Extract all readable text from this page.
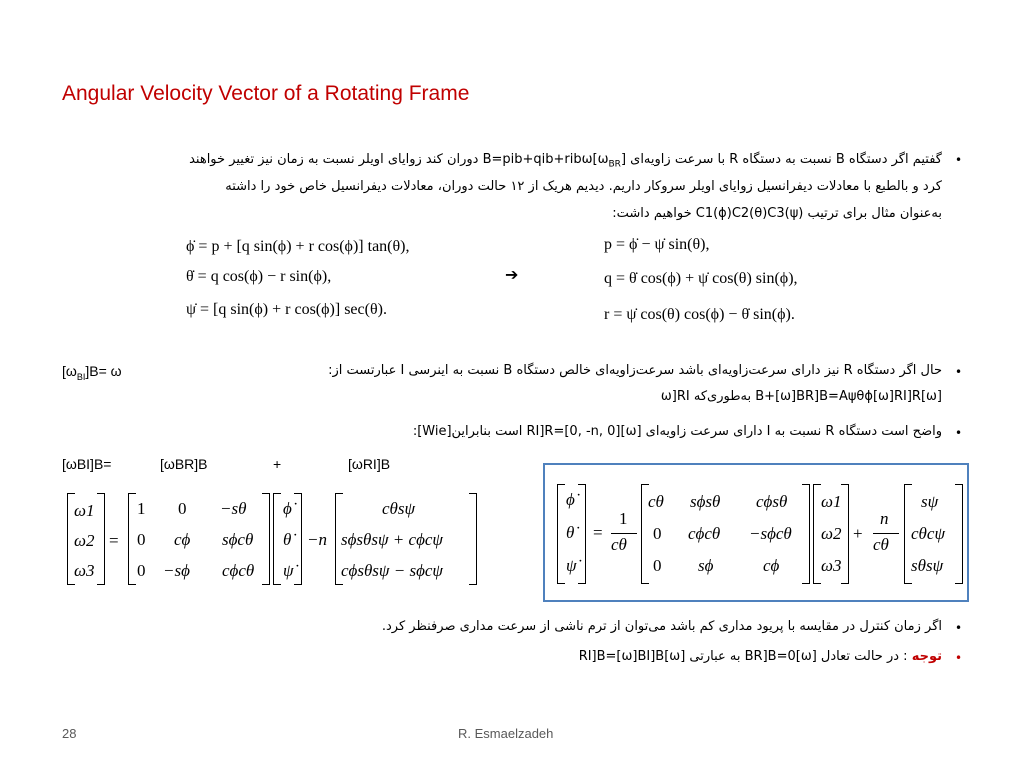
Angular Velocity Vector of a Rotating Frame
•
گفتیم اگر دستگاه B نسبت به دستگاه R با سرعت زاویه‌ای $[\omega_{BR}]B=pib+qib+rib\omega$ دوران کند زوایای اویلر نسبت به زمان نیز تغییر خواهند
کرد و بالطبع با معادلات دیفرانسیل زوایای اویلر سروکار داریم. دیدیم هریک از ۱۲ حالت دوران، معادلات دیفرانسیل خاص خود را داشته
به‌عنوان مثال برای ترتیب (ψ)C1(ϕ)C2(θ)C3 خواهیم داشت:
ϕ̇ = p + [q sin(ϕ) + r cos(ϕ)] tan(θ),
θ̇ = q cos(ϕ) − r sin(ϕ),
ψ̇ = [q sin(ϕ) + r cos(ϕ)] sec(θ).
➔
p = ϕ̇ − ψ̇ sin(θ),
q = θ̇ cos(ϕ) + ψ̇ cos(θ) sin(ϕ),
r = ψ̇ cos(θ) cos(ϕ) − θ̇ sin(ϕ).
•
حال اگر دستگاه R نیز دارای سرعت‌زاویه‌ای باشد سرعت‌زاویه‌ای خالص دستگاه B نسبت به اینرسی I عبارتست از:
$[\omega_{BI}]B= \omega$
[ω]B+[ω]BR]B=Aψθϕ[ω]RI]R به‌طوری‌که ω]RI
•
واضح است دستگاه R نسبت به I دارای سرعت زاویه‌ای [ω]RI]R=[0, -n, 0] است بنابراین[Wie]:
[ωBI]B=	[ωBR]B	+	[ωRI]B
ω1
ω2
ω3
=
1 0 −sθ
0 cϕ sϕcθ
0 −sϕ cϕcθ
ϕ̇
θ̇
ψ̇
−n
cθsψ
sϕsθsψ + cϕcψ
cϕsθsψ − sϕcψ
ϕ̇
θ̇
ψ̇
=
1
cθ
cθ sϕsθ cϕsθ
0 cϕcθ −sϕcθ
0 sϕ	cϕ
ω1
ω2
ω3
+
n
cθ
sψ
cθcψ
sθsψ
•
اگر زمان کنترل در مقایسه با پریود مداری کم باشد می‌توان از ترم ناشی از سرعت مداری صرفنظر کرد.
•
توجه : در حالت تعادل [ω]BR]B=0 به عبارتی [ω]RI]B=[ω]BI]B
28	R. Esmaelzadeh
